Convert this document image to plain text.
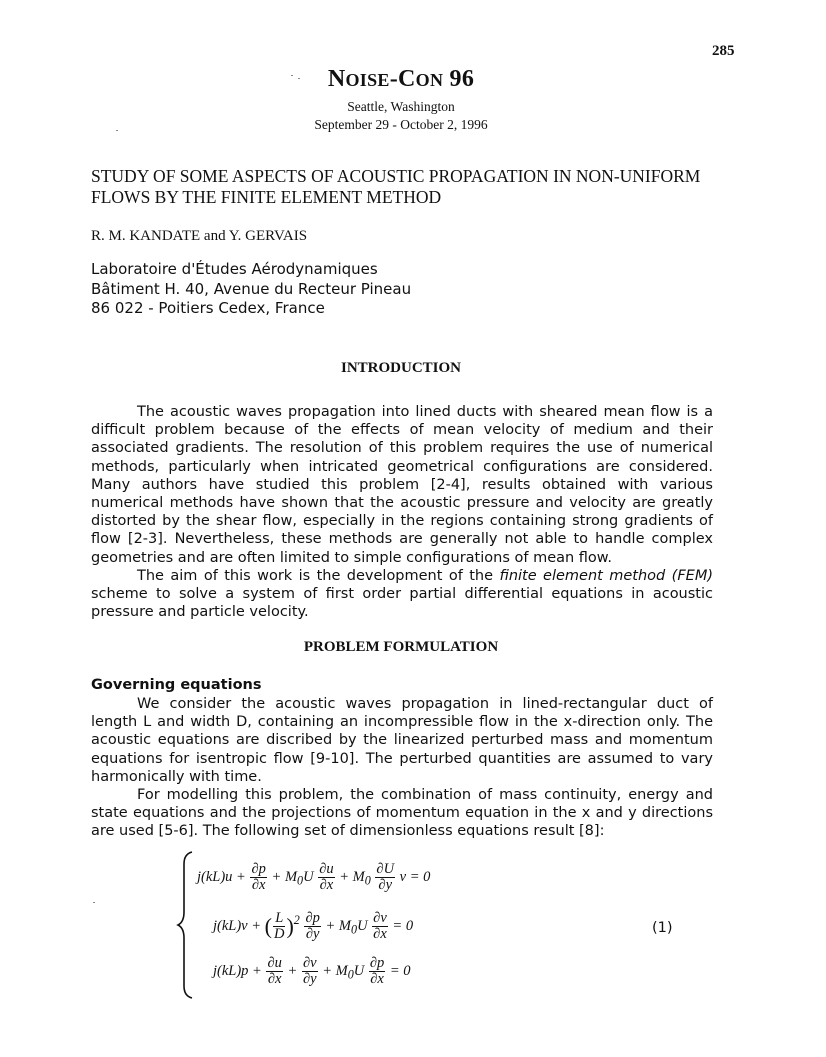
285
NOISE-CON 96
Seattle, Washington
September 29 - October 2, 1996
STUDY OF SOME ASPECTS OF ACOUSTIC PROPAGATION IN NON-UNIFORM FLOWS BY THE FINITE ELEMENT METHOD
R. M. KANDATE and Y. GERVAIS
Laboratoire d'Études Aérodynamiques
Bâtiment H. 40, Avenue du Recteur Pineau
86 022 - Poitiers Cedex, France
INTRODUCTION

The acoustic waves propagation into lined ducts with sheared mean flow is a difficult problem because of the effects of mean velocity of medium and their associated gradients. The resolution of this problem requires the use of numerical methods, particularly when intricated geometrical configurations are considered. Many authors have studied this problem [2-4], results obtained with various numerical methods have shown that the acoustic pressure and velocity are greatly distorted by the shear flow, especially in the regions containing strong gradients of flow [2-3]. Nevertheless, these methods are generally not able to handle complex geometries and are often limited to simple configurations of mean flow.

The aim of this work is the development of the finite element method (FEM) scheme to solve a system of first order partial differential equations in acoustic pressure and particle velocity.

PROBLEM FORMULATION
Governing equations

We consider the acoustic waves propagation in lined-rectangular duct of length L and width D, containing an incompressible flow in the x-direction only. The acoustic equations are discribed by the linearized perturbed mass and momentum equations for isentropic flow [9-10]. The perturbed quantities are assumed to vary harmonically with time.

For modelling this problem, the combination of mass continuity, energy and state equations and the projections of momentum equation in the x and y directions are used [5-6]. The following set of dimensionless equations result [8]:

$j(kL)u + \frac{\partial p}{\partial x} + M_0U \frac{\partial u}{\partial x} + M_0 \frac{\partial U}{\partial y}$ v = 0
j(kL)v + ( $\frac{L}{D} )^2 \frac{\partial p}{\partial y} + M_0U \frac{\partial v}{\partial x} = 0$
$j(kL)p + \frac{\partial u}{\partial x} + \frac{\partial v}{\partial y} + M_0U \frac{\partial p}{\partial x} = 0$
(1)
